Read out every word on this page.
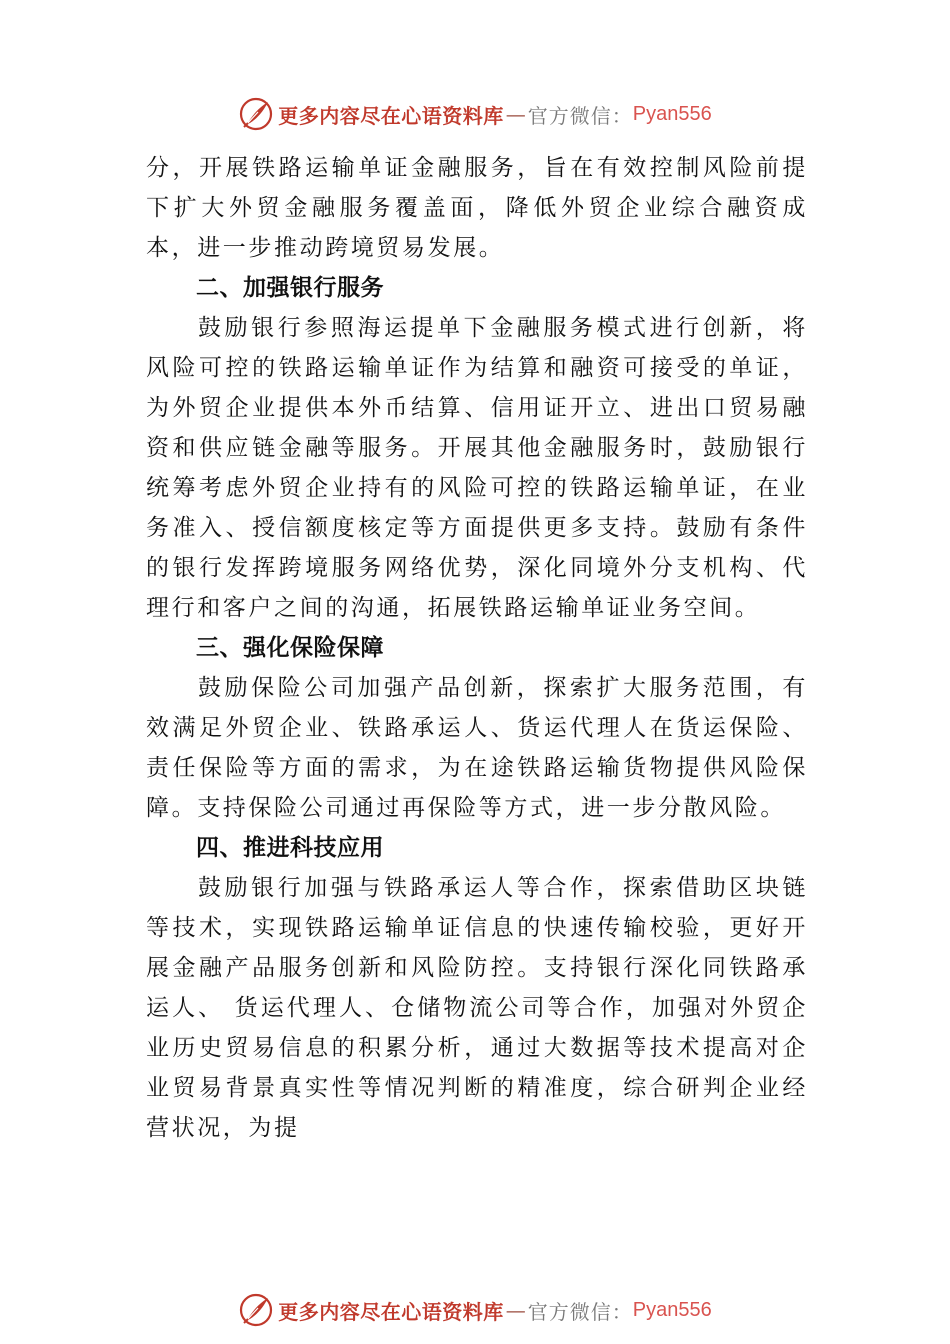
更多内容尽在心语资料库 — 官方微信： Pyan556

分，开展铁路运输单证金融服务，旨在有效控制风险前提下扩大外贸金融服务覆盖面，降低外贸企业综合融资成本，进一步推动跨境贸易发展。

二、加强银行服务

鼓励银行参照海运提单下金融服务模式进行创新，将风险可控的铁路运输单证作为结算和融资可接受的单证，为外贸企业提供本外币结算、信用证开立、进出口贸易融资和供应链金融等服务。开展其他金融服务时，鼓励银行统筹考虑外贸企业持有的风险可控的铁路运输单证，在业务准入、授信额度核定等方面提供更多支持。鼓励有条件的银行发挥跨境服务网络优势，深化同境外分支机构、代理行和客户之间的沟通，拓展铁路运输单证业务空间。

三、强化保险保障

鼓励保险公司加强产品创新，探索扩大服务范围，有效满足外贸企业、铁路承运人、货运代理人在货运保险、责任保险等方面的需求，为在途铁路运输货物提供风险保障。支持保险公司通过再保险等方式，进一步分散风险。

四、推进科技应用

鼓励银行加强与铁路承运人等合作，探索借助区块链等技术，实现铁路运输单证信息的快速传输校验，更好开展金融产品服务创新和风险防控。支持银行深化同铁路承运人、 货运代理人、仓储物流公司等合作，加强对外贸企业历史贸易信息的积累分析，通过大数据等技术提高对企业贸易背景真实性等情况判断的精准度，综合研判企业经营状况，为提

更多内容尽在心语资料库 — 官方微信： Pyan556
